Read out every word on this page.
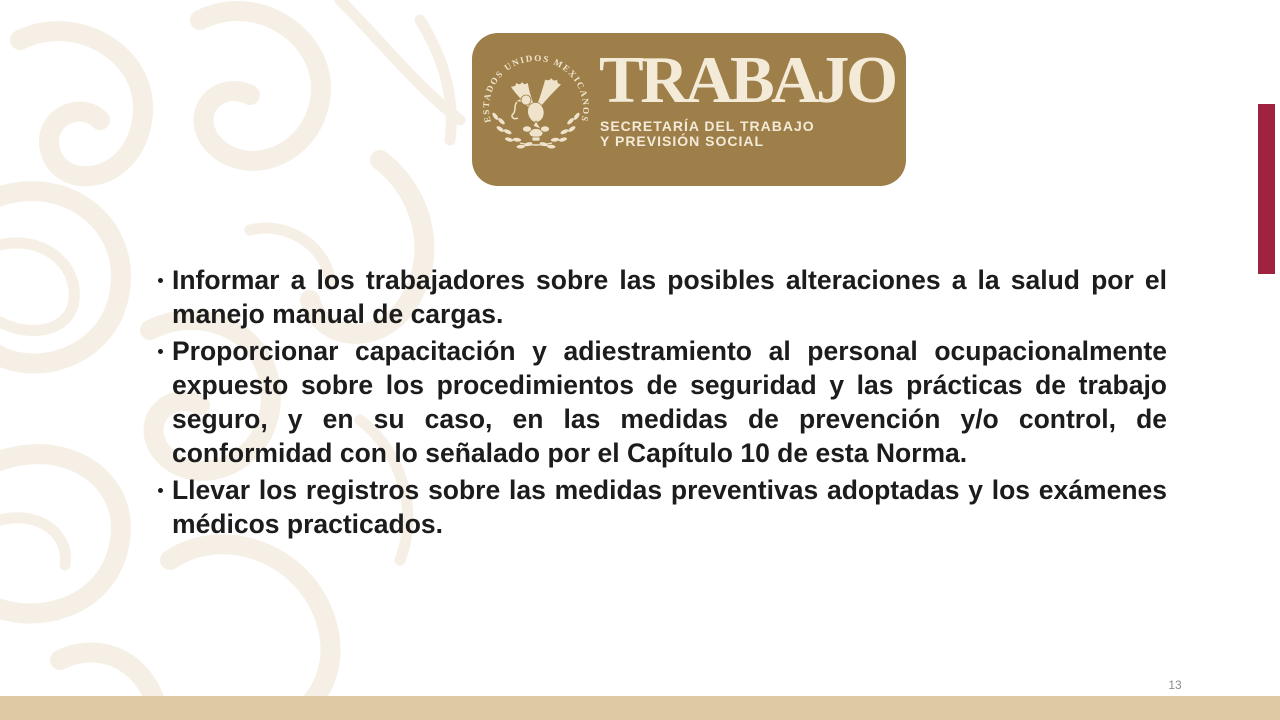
ESTADOS UNIDOS MEXICANOS
TRABAJO
SECRETARÍA DEL TRABAJO
Y PREVISIÓN SOCIAL
Informar a los trabajadores sobre las posibles alteraciones a la salud por el manejo manual de cargas.
Proporcionar capacitación y adiestramiento al personal ocupacionalmente expuesto sobre los procedimientos de seguridad y las prácticas de trabajo seguro, y en su caso, en las medidas de prevención y/o control, de conformidad con lo señalado por el Capítulo 10 de esta Norma.
Llevar los registros sobre las medidas preventivas adoptadas y los exámenes médicos practicados.
13
